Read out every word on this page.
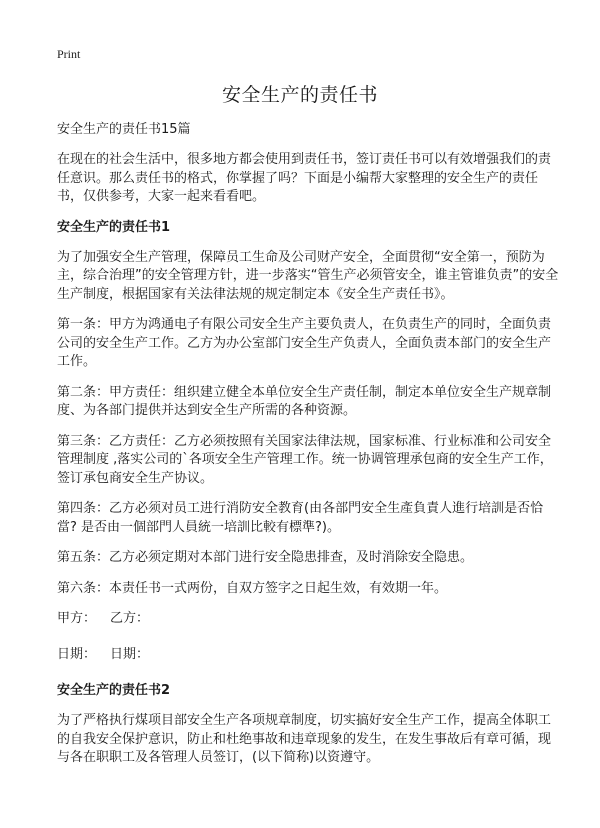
Print
安全生产的责任书
安全生产的责任书15篇

在现在的社会生活中，很多地方都会使用到责任书，签订责任书可以有效增强我们的责任意识。那么责任书的格式，你掌握了吗？下面是小编帮大家整理的安全生产的责任书，仅供参考，大家一起来看看吧。

安全生产的责任书1

为了加强安全生产管理，保障员工生命及公司财产安全，全面贯彻“安全第一，预防为主，综合治理”的安全管理方针，进一步落实“管生产必须管安全，谁主管谁负责”的安全生产制度，根据国家有关法律法规的规定制定本《安全生产责任书》。

第一条：甲方为鸿通电子有限公司安全生产主要负责人，在负责生产的同时，全面负责公司的安全生产工作。乙方为办公室部门安全生产负责人，全面负责本部门的安全生产工作。

第二条：甲方责任：组织建立健全本单位安全生产责任制，制定本单位安全生产规章制度、为各部门提供并达到安全生产所需的各种资源。

第三条：乙方责任：乙方必须按照有关国家法律法规，国家标准、行业标准和公司安全管理制度 ,落实公司的`各项安全生产管理工作。统一协调管理承包商的安全生产工作，签订承包商安全生产协议。

第四条：乙方必须对员工进行消防安全教育(由各部門安全生產負責人進行培訓是否恰當? 是否由一個部門人員統一培訓比較有標準?)。

第五条：乙方必须定期对本部门进行安全隐患排查，及时消除安全隐患。

第六条：本责任书一式两份，自双方签字之日起生效，有效期一年。

甲方： 乙方：
日期： 日期：
安全生产的责任书2

为了严格执行煤项目部安全生产各项规章制度，切实搞好安全生产工作，提高全体职工的自我安全保护意识，防止和杜绝事故和违章现象的发生，在发生事故后有章可循，现与各在职职工及各管理人员签订，(以下简称)以资遵守。
